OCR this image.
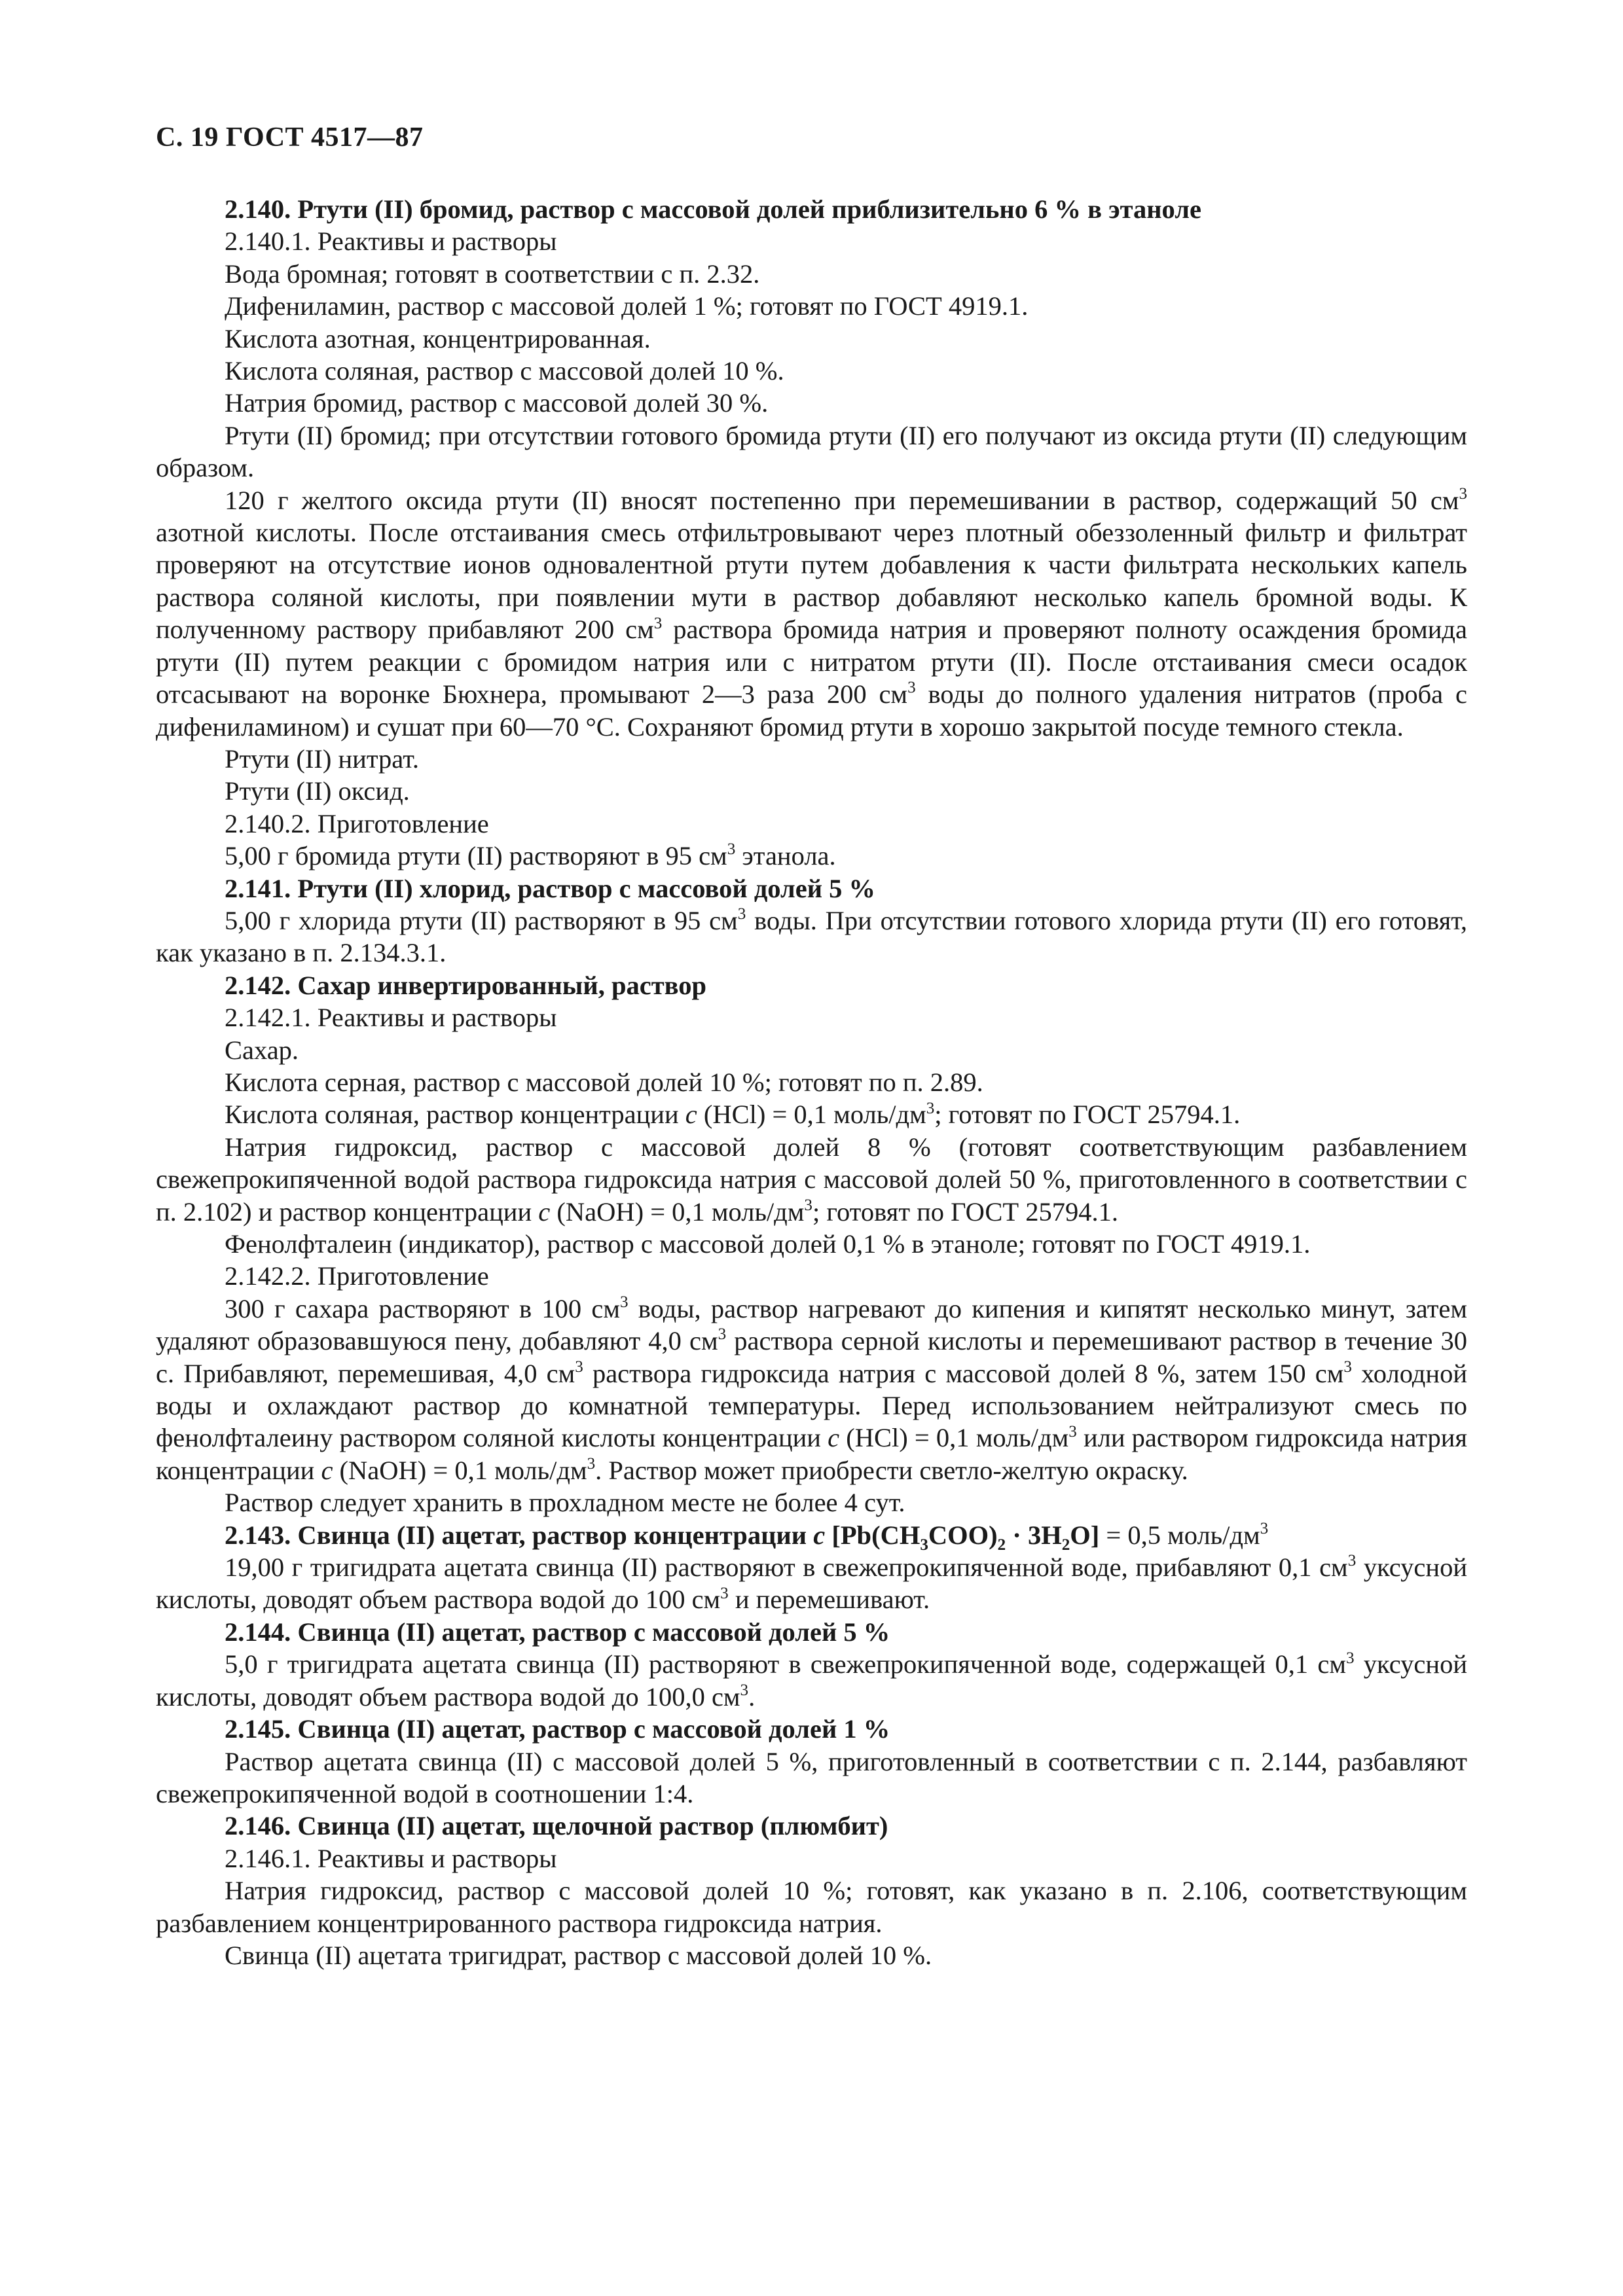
С. 19 ГОСТ 4517—87

2.140. Ртути (II) бромид, раствор с массовой долей приблизительно 6 % в этаноле

2.140.1. Реактивы и растворы

Вода бромная; готовят в соответствии с п. 2.32.

Дифениламин, раствор с массовой долей 1 %; готовят по ГОСТ 4919.1.

Кислота азотная, концентрированная.

Кислота соляная, раствор с массовой долей 10 %.

Натрия бромид, раствор с массовой долей 30 %.

Ртути (II) бромид; при отсутствии готового бромида ртути (II) его получают из оксида ртути (II) следующим образом.

120 г желтого оксида ртути (II) вносят постепенно при перемешивании в раствор, содержащий 50 $см^3$ азотной кислоты. После отстаивания смесь отфильтровывают через плотный обеззоленный фильтр и фильтрат проверяют на отсутствие ионов одновалентной ртути путем добавления к части фильтрата нескольких капель раствора соляной кислоты, при появлении мути в раствор добавляют несколько капель бромной воды. К полученному раствору прибавляют 200 $см^3$ раствора бромида натрия и проверяют полноту осаждения бромида ртути (II) путем реакции с бромидом натрия или с нитратом ртути (II). После отстаивания смеси осадок отсасывают на воронке Бюхнера, промывают 2—3 раза 200 $см^3$ воды до полного удаления нитратов (проба с дифениламином) и сушат при 60—70 °С. Сохраняют бромид ртути в хорошо закрытой посуде темного стекла.

Ртути (II) нитрат.

Ртути (II) оксид.

2.140.2. Приготовление

5,00 г бромида ртути (II) растворяют в 95 $см^3$ этанола.

2.141. Ртути (II) хлорид, раствор с массовой долей 5 %

5,00 г хлорида ртути (II) растворяют в 95 $см^3$ воды. При отсутствии готового хлорида ртути (II) его готовят, как указано в п. 2.134.3.1.

2.142. Сахар инвертированный, раствор

2.142.1. Реактивы и растворы

Сахар.

Кислота серная, раствор с массовой долей 10 %; готовят по п. 2.89.

Кислота соляная, раствор концентрации с (HCl) = 0,1 моль/$дм^3$; готовят по ГОСТ 25794.1.

Натрия гидроксид, раствор с массовой долей 8 % (готовят соответствующим разбавлением свежепрокипяченной водой раствора гидроксида натрия с массовой долей 50 %, приготовленного в соответствии с п. 2.102) и раствор концентрации с (NaOH) = 0,1 моль/$дм^3$; готовят по ГОСТ 25794.1.

Фенолфталеин (индикатор), раствор с массовой долей 0,1 % в этаноле; готовят по ГОСТ 4919.1.

2.142.2. Приготовление

300 г сахара растворяют в 100 $см^3$ воды, раствор нагревают до кипения и кипятят несколько минут, затем удаляют образовавшуюся пену, добавляют 4,0 $см^3$ раствора серной кислоты и перемешивают раствор в течение 30 с. Прибавляют, перемешивая, 4,0 $см^3$ раствора гидроксида натрия с массовой долей 8 %, затем 150 $см^3$ холодной воды и охлаждают раствор до комнатной температуры. Перед использованием нейтрализуют смесь по фенолфталеину раствором соляной кислоты концентрации с (HCl) = 0,1 моль/$дм^3$ или раствором гидроксида натрия концентрации с (NaOH) = 0,1 моль/$дм^3$. Раствор может приобрести светло-желтую окраску.

Раствор следует хранить в прохладном месте не более 4 сут.

2.143. Свинца (II) ацетат, раствор концентрации с $[Pb(CH_3COO)_2 \cdot 3H_2O] = 0,5$ моль/$дм^3$

19,00 г тригидрата ацетата свинца (II) растворяют в свежепрокипяченной воде, прибавляют 0,1 $см^3$ уксусной кислоты, доводят объем раствора водой до 100 $см^3$ и перемешивают.

2.144. Свинца (II) ацетат, раствор с массовой долей 5 %

5,0 г тригидрата ацетата свинца (II) растворяют в свежепрокипяченной воде, содержащей 0,1 $см^3$ уксусной кислоты, доводят объем раствора водой до 100,0 $см^3$.

2.145. Свинца (II) ацетат, раствор с массовой долей 1 %

Раствор ацетата свинца (II) с массовой долей 5 %, приготовленный в соответствии с п. 2.144, разбавляют свежепрокипяченной водой в соотношении 1:4.

2.146. Свинца (II) ацетат, щелочной раствор (плюмбит)

2.146.1. Реактивы и растворы

Натрия гидроксид, раствор с массовой долей 10 %; готовят, как указано в п. 2.106, соответствующим разбавлением концентрированного раствора гидроксида натрия.

Свинца (II) ацетата тригидрат, раствор с массовой долей 10 %.
